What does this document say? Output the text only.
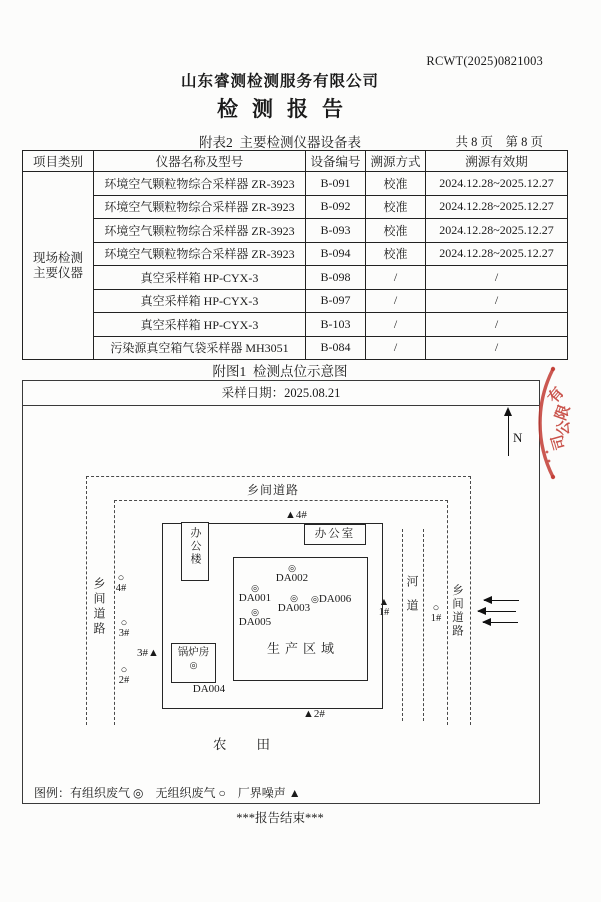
RCWT(2025)0821003
山东睿测检测服务有限公司
检测报告
附表2  主要检测仪器设备表	共 8 页　第 8 页
项目类别	仪器名称及型号	设备编号	溯源方式	溯源有效期

现场检测
主要仪器	环境空气颗粒物综合采样器 ZR-3923	B-091	校准	2024.12.28~2025.12.27
	环境空气颗粒物综合采样器 ZR-3923	B-092	校准	2024.12.28~2025.12.27
	环境空气颗粒物综合采样器 ZR-3923	B-093	校准	2024.12.28~2025.12.27
	环境空气颗粒物综合采样器 ZR-3923	B-094	校准	2024.12.28~2025.12.27
	真空采样箱 HP-CYX-3	B-098	/	/
	真空采样箱 HP-CYX-3	B-097	/	/
	真空采样箱 HP-CYX-3	B-103	/	/
	污染源真空箱气袋采样器 MH3051	B-084	/	/
附图1  检测点位示意图
采样日期：2025.08.21
N
乡间道路
乡间道路	河道	乡间道路
办公楼	办公室
生产区域
锅炉房
◎
DA004
◎
DA002
◎
DA001	◎
DA003
◎ DA006
◎
DA005
○
4#
○
3#
○
2#
○
1#
▲4#
3#▲
▲2#
▲
1#
农　　田
图例：有组织废气 ◎　无组织废气 ○　厂界噪声 ▲
有
限
公
司
***报告结束***
